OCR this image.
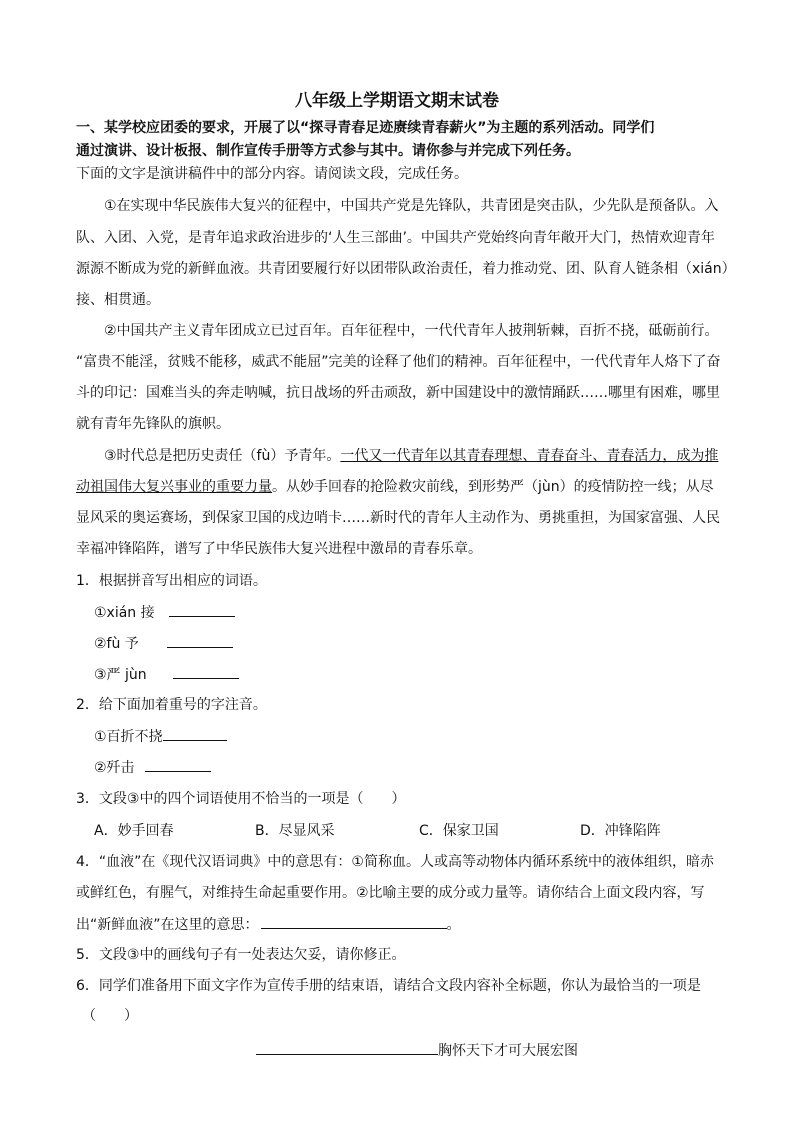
八年级上学期语文期末试卷
一、某学校应团委的要求，开展了以“探寻青春足迹赓续青春薪火”为主题的系列活动。同学们
通过演讲、设计板报、制作宣传手册等方式参与其中。请你参与并完成下列任务。
下面的文字是演讲稿件中的部分内容。请阅读文段，完成任务。
①在实现中华民族伟大复兴的征程中，中国共产党是先锋队，共青团是突击队，少先队是预备队。入
队、入团、入党，是青年追求政治进步的‘人生三部曲’。中国共产党始终向青年敞开大门，热情欢迎青年
源源不断成为党的新鲜血液。共青团要履行好以团带队政治责任，着力推动党、团、队育人链条相（xián）
接、相贯通。
②中国共产主义青年团成立已过百年。百年征程中，一代代青年人披荆斩棘，百折不挠，砥砺前行。
“富贵不能淫，贫贱不能移，威武不能屈”完美的诠释了他们的精神。百年征程中，一代代青年人烙下了奋
斗的印记：国难当头的奔走呐喊，抗日战场的歼击顽敌，新中国建设中的激情踊跃……哪里有困难，哪里
就有青年先锋队的旗帜。
③时代总是把历史责任（fù）予青年。一代又一代青年以其青春理想、青春奋斗、青春活力，成为推
动祖国伟大复兴事业的重要力量。从妙手回春的抢险救灾前线，到形势严（jùn）的疫情防控一线；从尽
显风采的奥运赛场，到保家卫国的戍边哨卡……新时代的青年人主动作为、勇挑重担，为国家富强、人民
幸福冲锋陷阵，谱写了中华民族伟大复兴进程中激昂的青春乐章。
1．根据拼音写出相应的词语。
①xián 接
②fù 予
③严 jùn
2．给下面加着重号的字注音。
①百折不挠
②歼击
3．文段③中的四个词语使用不恰当的一项是（　　）
A．妙手回春	B．尽显风采	C．保家卫国	D．冲锋陷阵
4．“血液”在《现代汉语词典》中的意思有：①简称血。人或高等动物体内循环系统中的液体组织，暗赤
或鲜红色，有腥气，对维持生命起重要作用。②比喻主要的成分或力量等。请你结合上面文段内容，写
出“新鲜血液”在这里的意思：	。
5．文段③中的画线句子有一处表达欠妥，请你修正。
6．同学们准备用下面文字作为宣传手册的结束语，请结合文段内容补全标题，你认为最恰当的一项是
（　　）
胸怀天下才可大展宏图
